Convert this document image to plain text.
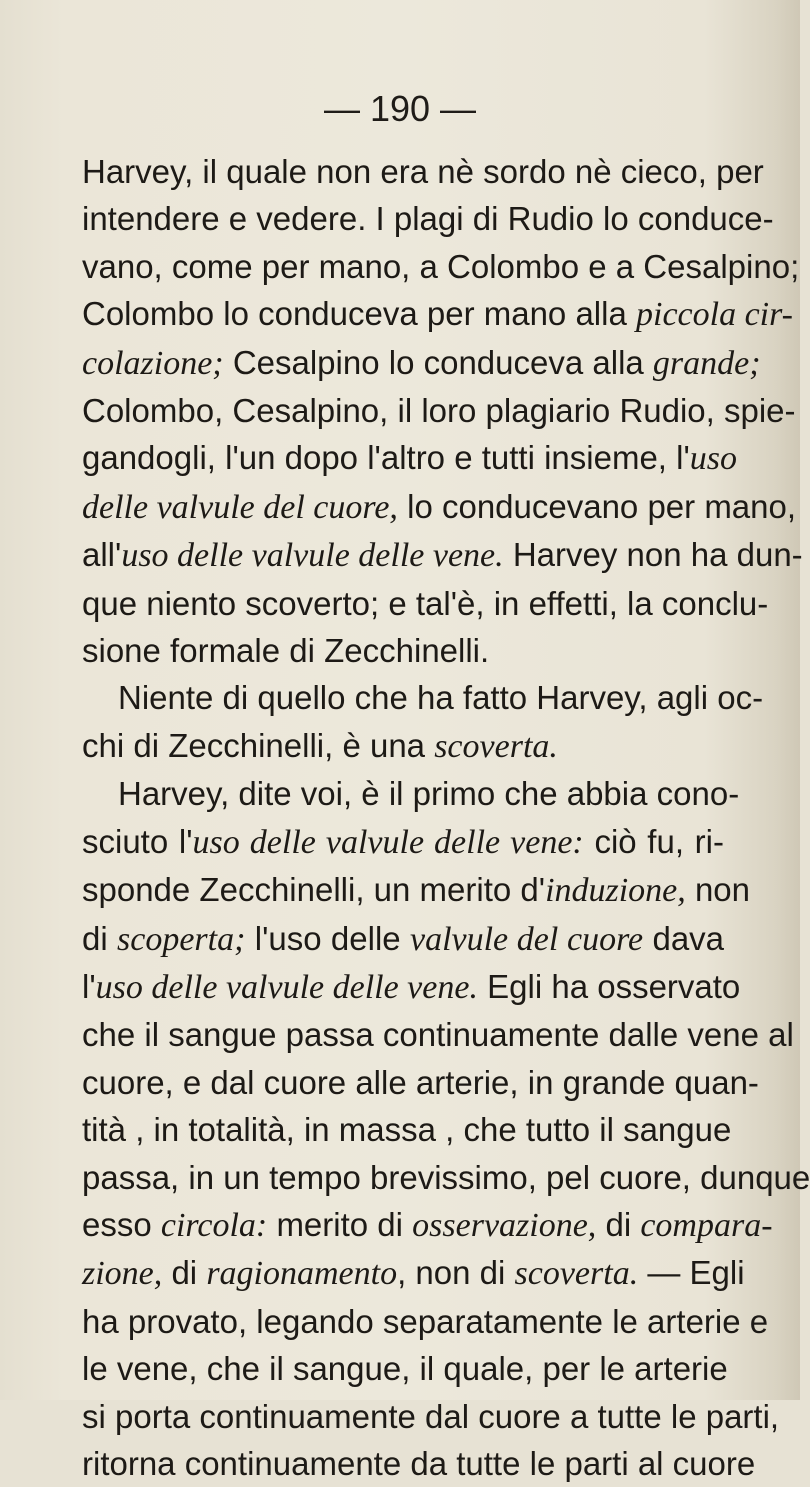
— 190 —
Harvey, il quale non era nè sordo nè cieco, per
intendere e vedere. I plagi di Rudio lo conduce-
vano, come per mano, a Colombo e a Cesalpino;
Colombo lo conduceva per mano alla piccola cir-
colazione; Cesalpino lo conduceva alla grande;
Colombo, Cesalpino, il loro plagiario Rudio, spie-
gandogli, l'un dopo l'altro e tutti insieme, l'uso
delle valvule del cuore, lo conducevano per mano,
all'uso delle valvule delle vene. Harvey non ha dun-
que niento scoverto; e tal'è, in effetti, la conclu-
sione formale di Zecchinelli.
Niente di quello che ha fatto Harvey, agli oc-
chi di Zecchinelli, è una scoverta.
Harvey, dite voi, è il primo che abbia cono-
sciuto l'uso delle valvule delle vene: ciò fu, ri-
sponde Zecchinelli, un merito d'induzione, non
di scoperta; l'uso delle valvule del cuore dava
l'uso delle valvule delle vene. Egli ha osservato
che il sangue passa continuamente dalle vene al
cuore, e dal cuore alle arterie, in grande quan-
tità , in totalità, in massa , che tutto il sangue
passa, in un tempo brevissimo, pel cuore, dunque
esso circola: merito di osservazione, di compara-
zione, di ragionamento, non di scoverta. — Egli
ha provato, legando separatamente le arterie e
le vene, che il sangue, il quale, per le arterie
si porta continuamente dal cuore a tutte le parti,
ritorna continuamente da tutte le parti al cuore
